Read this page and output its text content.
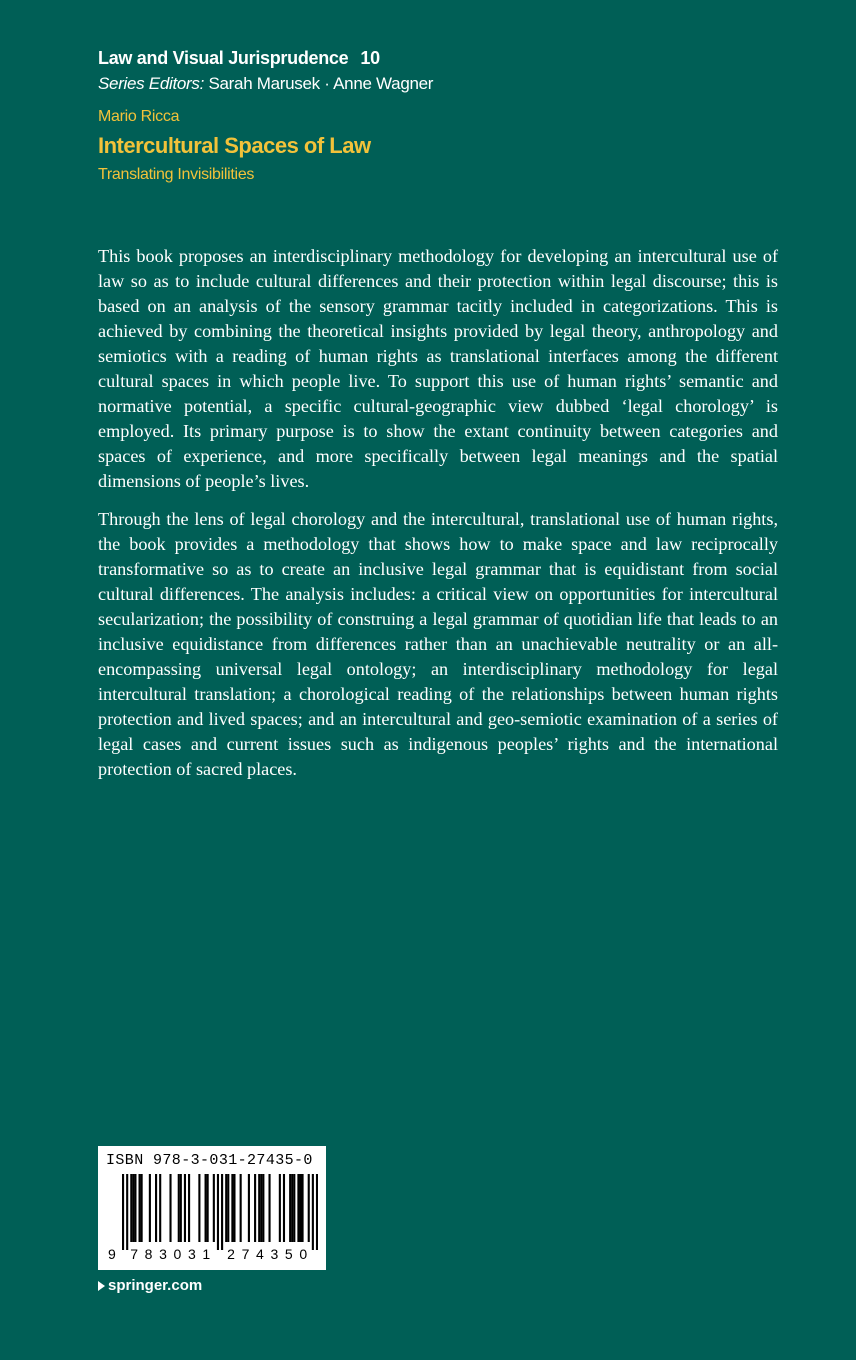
Law and Visual Jurisprudence 10
Series Editors: Sarah Marusek · Anne Wagner
Mario Ricca
Intercultural Spaces of Law
Translating Invisibilities

This book proposes an interdisciplinary methodology for developing an intercultural use of law so as to include cultural differences and their protection within legal discourse; this is based on an analysis of the sensory grammar tacitly included in categorizations. This is achieved by combining the theoretical insights provided by legal theory, anthropology and semiotics with a reading of human rights as translational interfaces among the different cultural spaces in which people live. To support this use of human rights’ semantic and normative potential, a specific cultural-geographic view dubbed ‘legal chorology’ is employed. Its primary purpose is to show the extant continuity between categories and spaces of experience, and more specifically between legal meanings and the spatial dimensions of people’s lives.

Through the lens of legal chorology and the intercultural, translational use of human rights, the book provides a methodology that shows how to make space and law reciprocally transformative so as to create an inclusive legal grammar that is equidistant from social cultural differences. The analysis includes: a critical view on opportunities for intercultural secularization; the possibility of construing a legal grammar of quotidian life that leads to an inclusive equidistance from differences rather than an unachievable neutrality or an all-encompassing universal legal ontology; an interdisciplinary methodology for legal intercultural translation; a chorological reading of the relationships between human rights protection and lived spaces; and an intercultural and geo-semiotic examination of a series of legal cases and current issues such as indigenous peoples’ rights and the international protection of sacred places.

ISBN 978-3-031-27435-0
9 7 8 3 0 3 1 2 7 4 3 5 0
springer.com
